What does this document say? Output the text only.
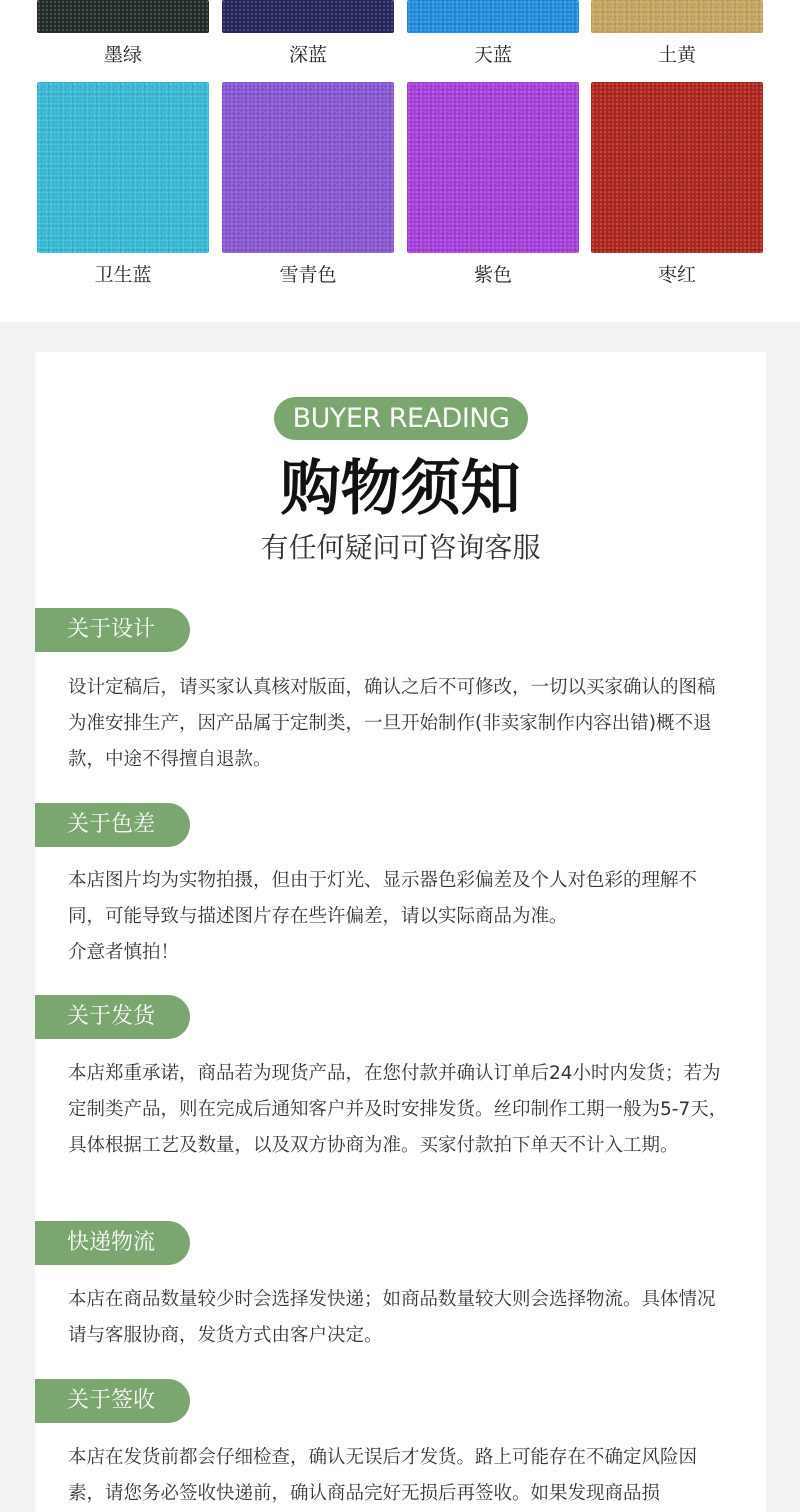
墨绿	深蓝	天蓝	土黄
卫生蓝	雪青色	紫色	枣红
BUYER READING
购物须知
有任何疑问可咨询客服
关于设计

设计定稿后，请买家认真核对版面，确认之后不可修改，一切以买家确认的图稿为准安排生产，因产品属于定制类，一旦开始制作(非卖家制作内容出错)概不退款，中途不得擅自退款。

关于色差

本店图片均为实物拍摄，但由于灯光、显示器色彩偏差及个人对色彩的理解不同，可能导致与描述图片存在些许偏差，请以实际商品为准。

介意者慎拍！

关于发货

本店郑重承诺，商品若为现货产品，在您付款并确认订单后24小时内发货；若为定制类产品，则在完成后通知客户并及时安排发货。丝印制作工期一般为5-7天，具体根据工艺及数量，以及双方协商为准。买家付款拍下单天不计入工期。

快递物流

本店在商品数量较少时会选择发快递；如商品数量较大则会选择物流。具体情况请与客服协商，发货方式由客户决定。

关于签收

本店在发货前都会仔细检查，确认无误后才发货。路上可能存在不确定风险因素，请您务必签收快递前，确认商品完好无损后再签收。如果发现商品损
